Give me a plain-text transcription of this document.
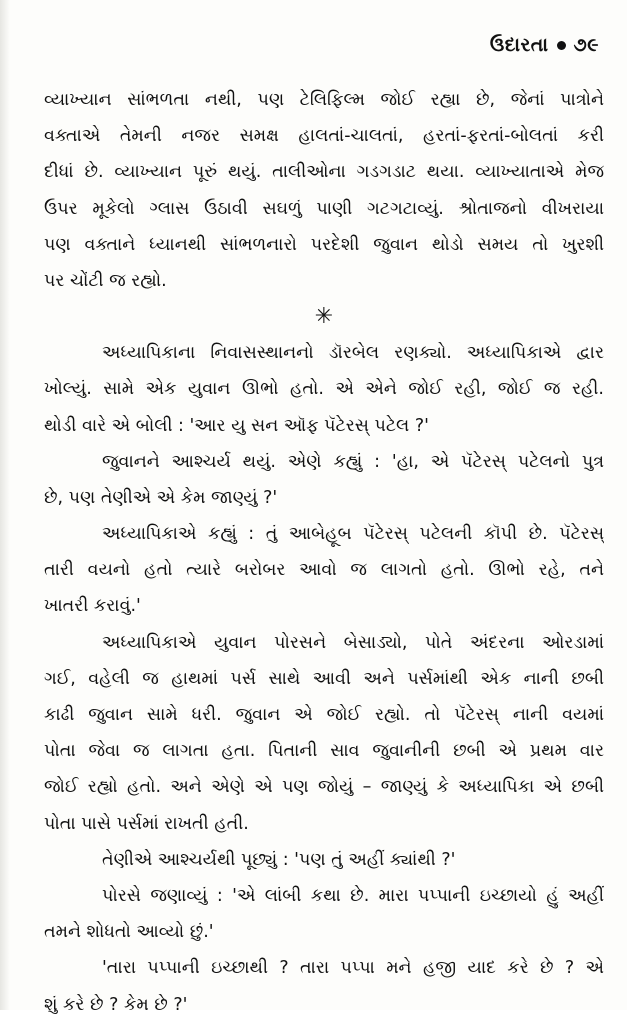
ઉદારતા ૭૯
વ્યાખ્યાન સાંભળતા નથી, પણ ટેલિફિલ્મ જોઈ રહ્યા છે, જેનાં પાત્રોને
વક્તાએ તેમની નજર સમક્ષ હાલતાં-ચાલતાં, હરતાં-ફરતાં-બોલતાં કરી
દીધાં છે. વ્યાખ્યાન પૂરું થયું. તાલીઓના ગડગડાટ થયા. વ્યાખ્યાતાએ મેજ
ઉપર મૂકેલો ગ્લાસ ઉઠાવી સઘળું પાણી ગટગટાવ્યું. શ્રોતાજનો વીખરાયા
પણ વક્તાને ધ્યાનથી સાંભળનારો પરદેશી જુવાન થોડો સમય તો ખુરશી
પર ચોંટી જ રહ્યો.
✳
અધ્યાપિકાના નિવાસસ્થાનનો ડૉરબેલ રણક્યો. અધ્યાપિકાએ દ્વાર
ખોલ્યું. સામે એક યુવાન ઊભો હતો. એ એને જોઈ રહી, જોઈ જ રહી.
થોડી વારે એ બોલી : 'આર યુ સન ઑફ પૅટેરસ્ પટેલ ?'
જુવાનને આશ્ચર્ય થયું. એણે કહ્યું : 'હા, એ પૅટેરસ્ પટેલનો પુત્ર
છે, પણ તેણીએ એ કેમ જાણ્યું ?'
અધ્યાપિકાએ કહ્યું : તું આબેહૂબ પૅટેરસ્ પટેલની કૉપી છે. પૅટેરસ્
તારી વયનો હતો ત્યારે બરોબર આવો જ લાગતો હતો. ઊભો રહે, તને
ખાતરી કરાવું.'
અધ્યાપિકાએ યુવાન પોરસને બેસાડ્યો, પોતે અંદરના ઓરડામાં
ગઈ, વહેલી જ હાથમાં પર્સ સાથે આવી અને પર્સમાંથી એક નાની છબી
કાઢી જુવાન સામે ધરી. જુવાન એ જોઈ રહ્યો. તો પૅટેરસ્ નાની વયમાં
પોતા જેવા જ લાગતા હતા. પિતાની સાવ જુવાનીની છબી એ પ્રથમ વાર
જોઈ રહ્યો હતો. અને એણે એ પણ જોયું – જાણ્યું કે અધ્યાપિકા એ છબી
પોતા પાસે પર્સમાં રાખતી હતી.
તેણીએ આશ્ચર્યથી પૂછ્યું : 'પણ તું અહીં ક્યાંથી ?'
પોરસે જણાવ્યું : 'એ લાંબી કથા છે. મારા પપ્પાની ઇચ્છાયો હું અહીં
તમને શોધતો આવ્યો છું.'
'તારા પપ્પાની ઇચ્છાથી ? તારા પપ્પા મને હજી યાદ કરે છે ? એ
શું કરે છે ? કેમ છે ?'
